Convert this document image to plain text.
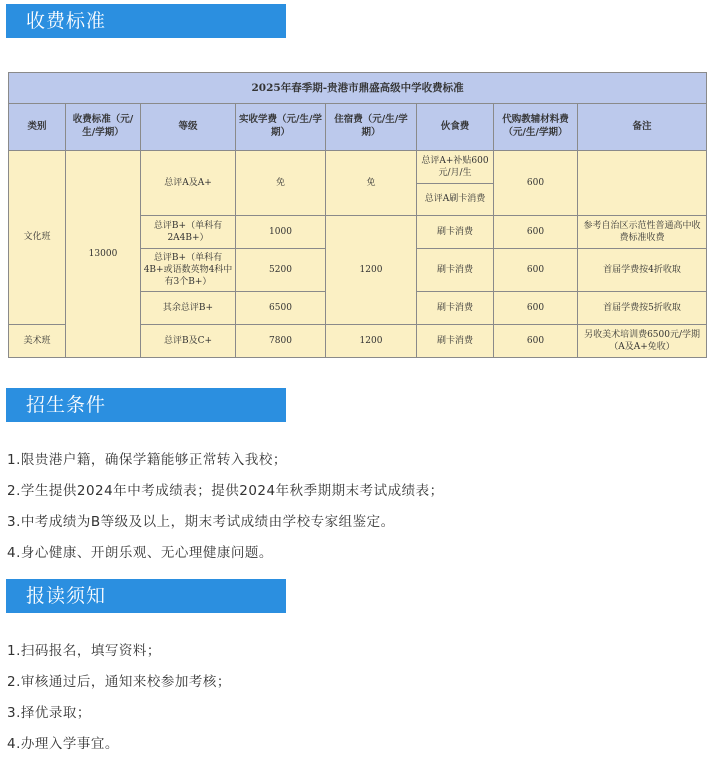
收费标准
2025年春季期-贵港市鼎盛高级中学收费标准							
类别	收费标准（元/生/学期）	等级	实收学费（元/生/学期）	住宿费（元/生/学期）	伙食费	代购教辅材料费（元/生/学期）	备注
文化班	13000	总评A及A+	免	免	总评A+补贴600元/月/生	600	
					总评A刷卡消费		
		总评B+（单科有2A4B+）	1000	1200	刷卡消费	600	参考自治区示范性普通高中收费标准收费
		总评B+（单科有4B+或语数英物4科中有3个B+）	5200		刷卡消费	600	首届学费按4折收取
		其余总评B+	6500		刷卡消费	600	首届学费按5折收取
美术班		总评B及C+	7800	1200	刷卡消费	600	另收美术培训费6500元/学期（A及A+免收）
招生条件

1.限贵港户籍，确保学籍能够正常转入我校；

2.学生提供2024年中考成绩表；提供2024年秋季期期末考试成绩表；

3.中考成绩为B等级及以上，期末考试成绩由学校专家组鉴定。

4.身心健康、开朗乐观、无心理健康问题。

报读须知

1.扫码报名，填写资料；

2.审核通过后，通知来校参加考核；

3.择优录取；

4.办理入学事宜。
